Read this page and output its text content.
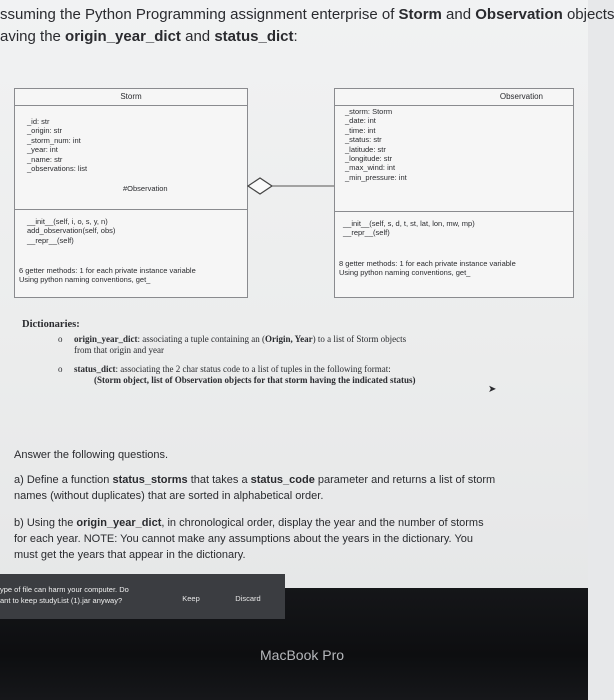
ssuming the Python Programming assignment enterprise of Storm and Observation objects
aving the origin_year_dict and status_dict:
Storm
_id: str
_origin: str
_storm_num: int
_year: int
_name: str
_observations: list
#Observation
__init__(self, i, o, s, y, n)
add_observation(self, obs)
__repr__(self)
6 getter methods: 1 for each private instance variable
Using python naming conventions, get_
Observation
_storm: Storm
_date: int
_time: int
_status: str
_latitude: str
_longitude: str
_max_wind: int
_min_pressure: int
__init__(self, s, d, t, st, lat, lon, mw, mp)
__repr__(self)
8 getter methods: 1 for each private instance variable
Using python naming conventions, get_
Dictionaries:
o origin_year_dict: associating a tuple containing an (Origin, Year) to a list of Storm objects
from that origin and year
o status_dict: associating the 2 char status code to a list of tuples in the following format:
(Storm object, list of Observation objects for that storm having the indicated status)
➤
Answer the following questions.
a) Define a function status_storms that takes a status_code parameter and returns a list of storm
names (without duplicates) that are sorted in alphabetical order.
b) Using the origin_year_dict, in chronological order, display the year and the number of storms
for each year. NOTE: You cannot make any assumptions about the years in the dictionary. You
must get the years that appear in the dictionary.
MacBook Pro
ype of file can harm your computer. Do
ant to keep studyList (1).jar anyway?	Keep	Discard
